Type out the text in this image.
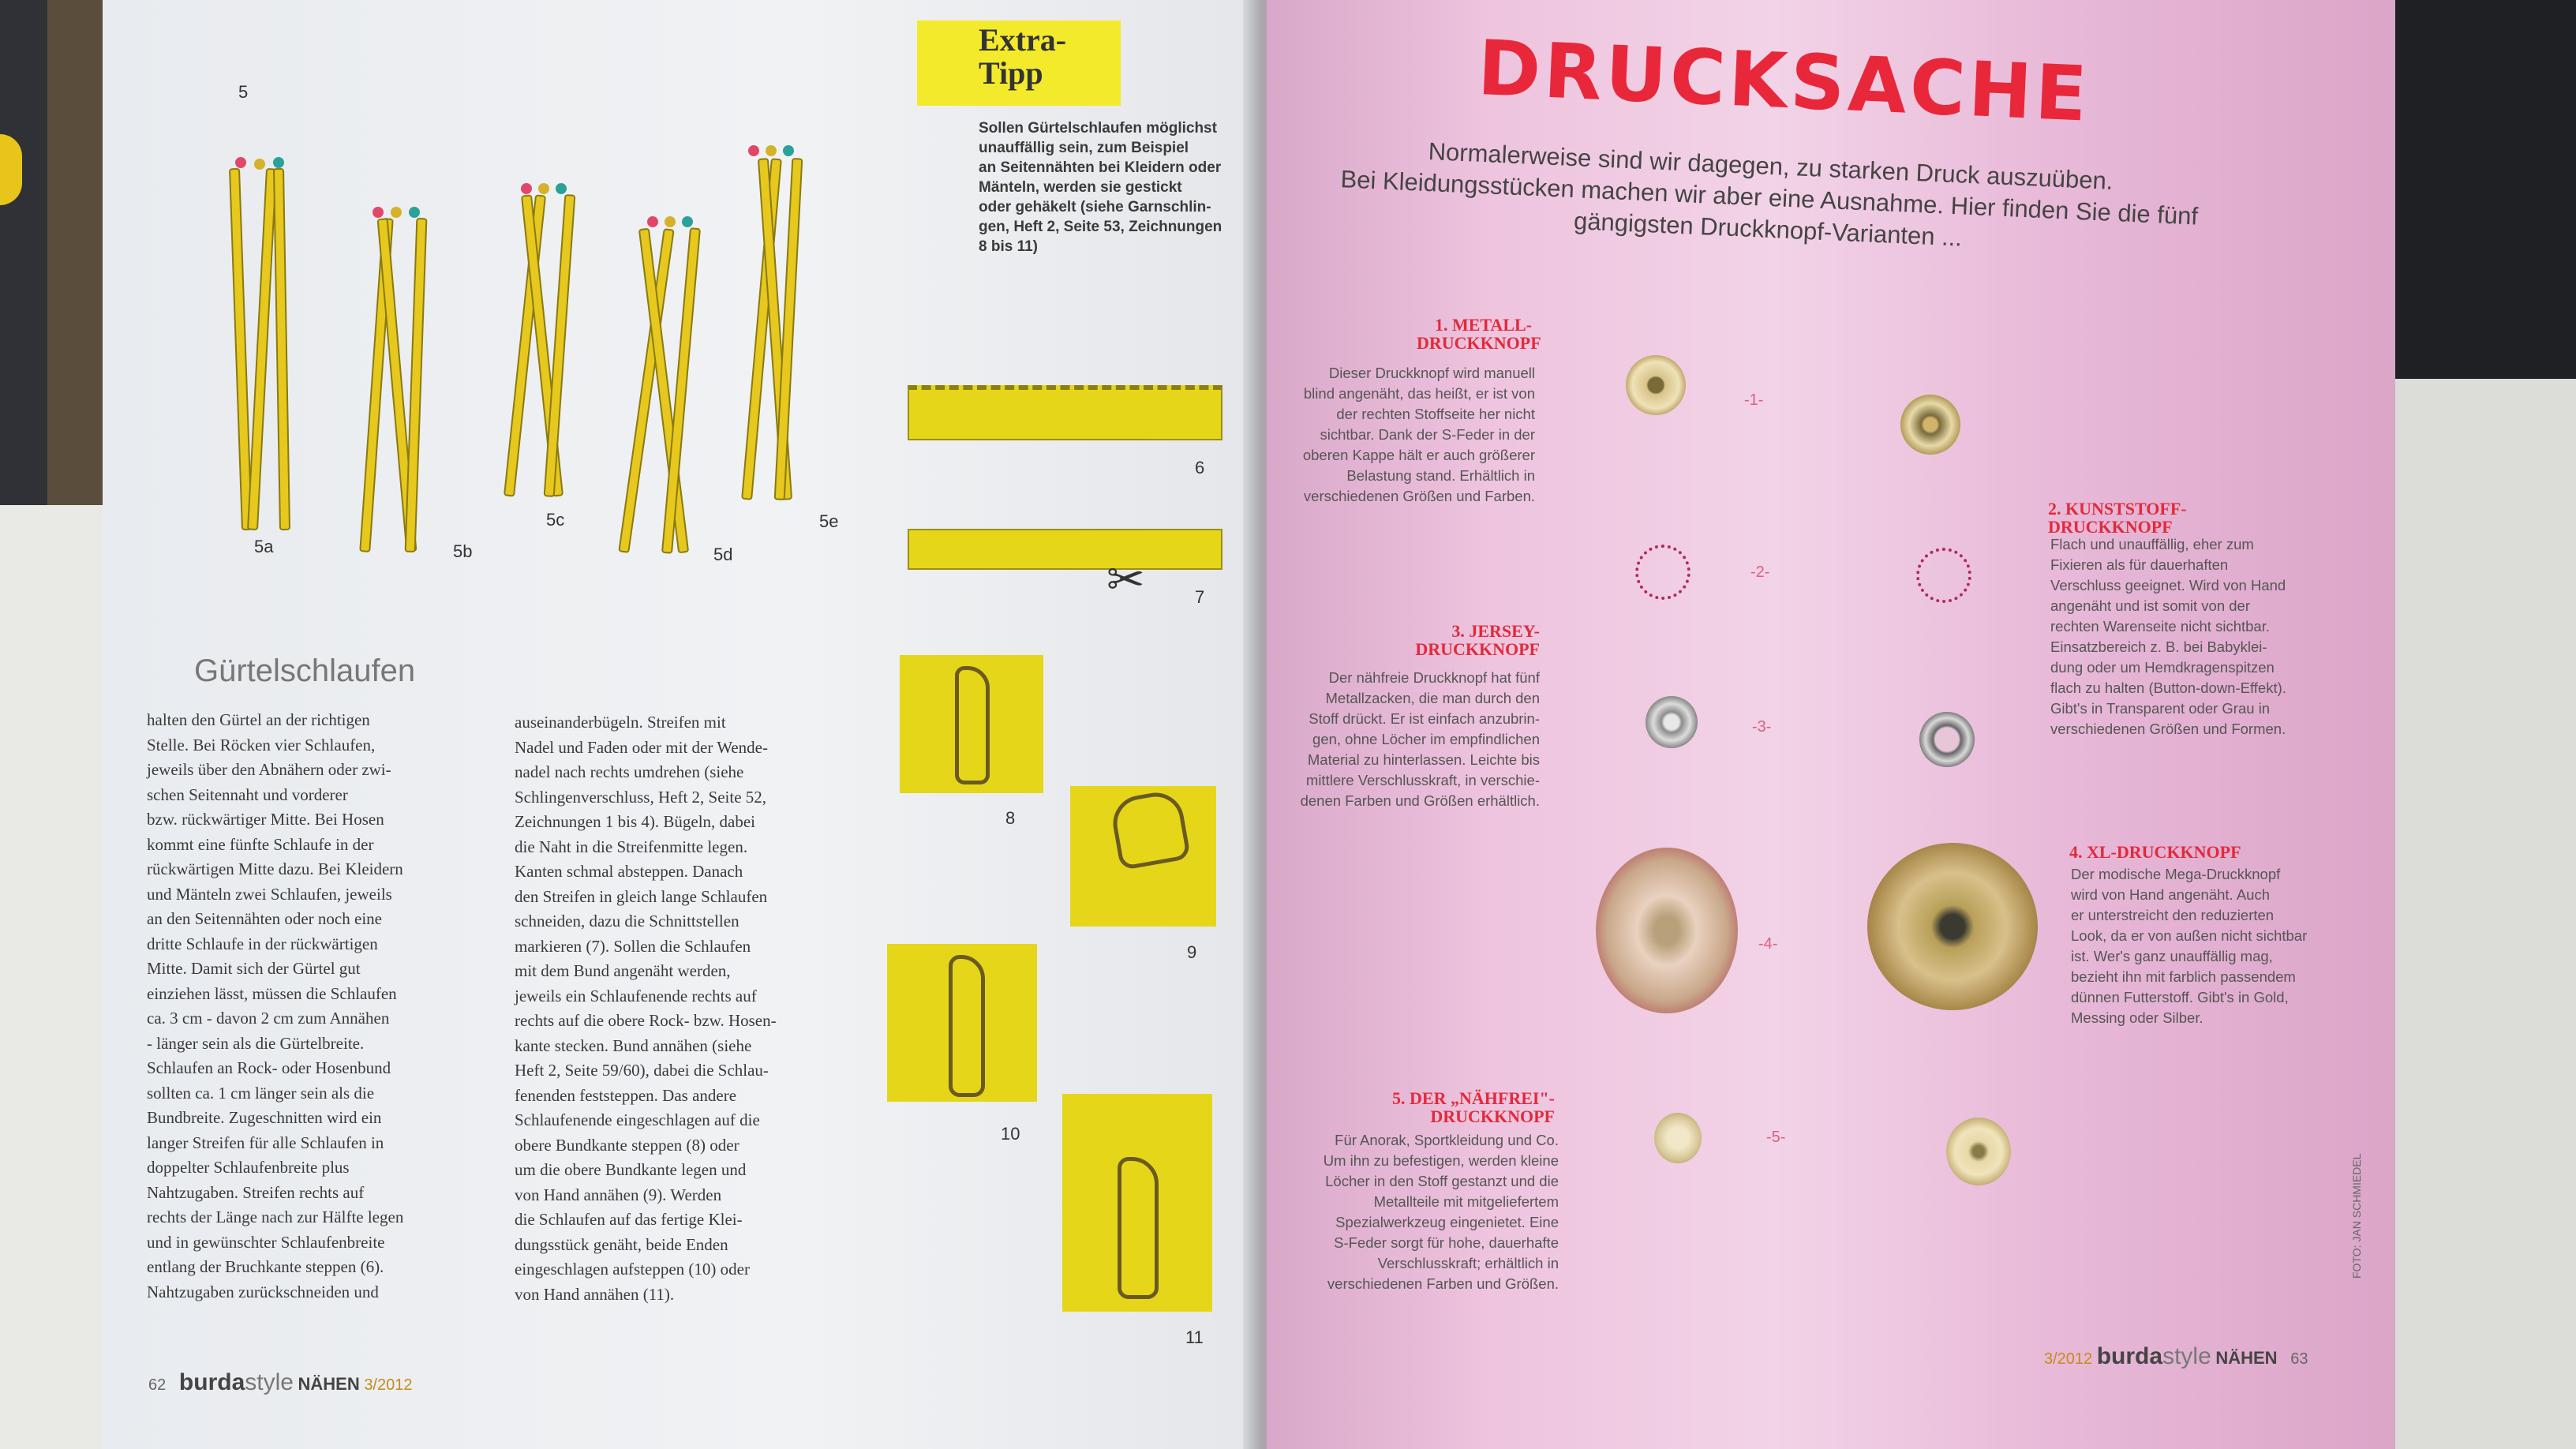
5
5a	5b
5c
5d
5e
Gürtelschlaufen
halten den Gürtel an der richtigen
Stelle. Bei Röcken vier Schlaufen,
jeweils über den Abnähern oder zwi-
schen Seitennaht und vorderer
bzw. rückwärtiger Mitte. Bei Hosen
kommt eine fünfte Schlaufe in der
rückwärtigen Mitte dazu. Bei Kleidern
und Mänteln zwei Schlaufen, jeweils
an den Seitennähten oder noch eine
dritte Schlaufe in der rückwärtigen
Mitte. Damit sich der Gürtel gut
einziehen lässt, müssen die Schlaufen
ca. 3 cm - davon 2 cm zum Annähen
- länger sein als die Gürtelbreite.
Schlaufen an Rock- oder Hosenbund
sollten ca. 1 cm länger sein als die
Bundbreite. Zugeschnitten wird ein
langer Streifen für alle Schlaufen in
doppelter Schlaufenbreite plus
Nahtzugaben. Streifen rechts auf
rechts der Länge nach zur Hälfte legen
und in gewünschter Schlaufenbreite
entlang der Bruchkante steppen (6).
Nahtzugaben zurückschneiden und
auseinanderbügeln. Streifen mit
Nadel und Faden oder mit der Wende-
nadel nach rechts umdrehen (siehe
Schlingenverschluss, Heft 2, Seite 52,
Zeichnungen 1 bis 4). Bügeln, dabei
die Naht in die Streifenmitte legen.
Kanten schmal absteppen. Danach
den Streifen in gleich lange Schlaufen
schneiden, dazu die Schnittstellen
markieren (7). Sollen die Schlaufen
mit dem Bund angenäht werden,
jeweils ein Schlaufenende rechts auf
rechts auf die obere Rock- bzw. Hosen-
kante stecken. Bund annähen (siehe
Heft 2, Seite 59/60), dabei die Schlau-
fenenden feststeppen. Das andere
Schlaufenende eingeschlagen auf die
obere Bundkante steppen (8) oder
um die obere Bundkante legen und
von Hand annähen (9). Werden
die Schlaufen auf das fertige Klei-
dungsstück genäht, beide Enden
eingeschlagen aufsteppen (10) oder
von Hand annähen (11).
Extra-
Tipp
Sollen Gürtelschlaufen möglichst
unauffällig sein, zum Beispiel
an Seitennähten bei Kleidern oder
Mänteln, werden sie gestickt
oder gehäkelt (siehe Garnschlin-
gen, Heft 2, Seite 53, Zeichnungen
8 bis 11)
6
✂	7
8
9
10
11
62 burdastyle NÄHEN 3/2012
DRUCKSACHE
Normalerweise sind wir dagegen, zu starken Druck auszuüben.
Bei Kleidungsstücken machen wir aber eine Ausnahme. Hier finden Sie die fünf
gängigsten Druckknopf-Varianten ...
1. METALL-
DRUCKKNOPF
Dieser Druckknopf wird manuell
blind angenäht, das heißt, er ist von
der rechten Stoffseite her nicht
sichtbar. Dank der S-Feder in der
oberen Kappe hält er auch größerer
Belastung stand. Erhältlich in
verschiedenen Größen und Farben.
2. KUNSTSTOFF-
DRUCKKNOPF
Flach und unauffällig, eher zum
Fixieren als für dauerhaften
Verschluss geeignet. Wird von Hand
angenäht und ist somit von der
rechten Warenseite nicht sichtbar.
Einsatzbereich z. B. bei Babyklei-
dung oder um Hemdkragenspitzen
flach zu halten (Button-down-Effekt).
Gibt's in Transparent oder Grau in
verschiedenen Größen und Formen.
3. JERSEY-
DRUCKKNOPF
Der nähfreie Druckknopf hat fünf
Metallzacken, die man durch den
Stoff drückt. Er ist einfach anzubrin-
gen, ohne Löcher im empfindlichen
Material zu hinterlassen. Leichte bis
mittlere Verschlusskraft, in verschie-
denen Farben und Größen erhältlich.
4. XL-DRUCKKNOPF
Der modische Mega-Druckknopf
wird von Hand angenäht. Auch
er unterstreicht den reduzierten
Look, da er von außen nicht sichtbar
ist. Wer's ganz unauffällig mag,
bezieht ihn mit farblich passendem
dünnen Futterstoff. Gibt's in Gold,
Messing oder Silber.
5. DER „NÄHFREI"-
DRUCKKNOPF
Für Anorak, Sportkleidung und Co.
Um ihn zu befestigen, werden kleine
Löcher in den Stoff gestanzt und die
Metallteile mit mitgeliefertem
Spezialwerkzeug eingenietet. Eine
S-Feder sorgt für hohe, dauerhafte
Verschlusskraft; erhältlich in
verschiedenen Farben und Größen.
-1-
-2-
-3-
-4-
-5-
FOTO: JAN SCHMIEDEL
3/2012 burdastyle NÄHEN 63
